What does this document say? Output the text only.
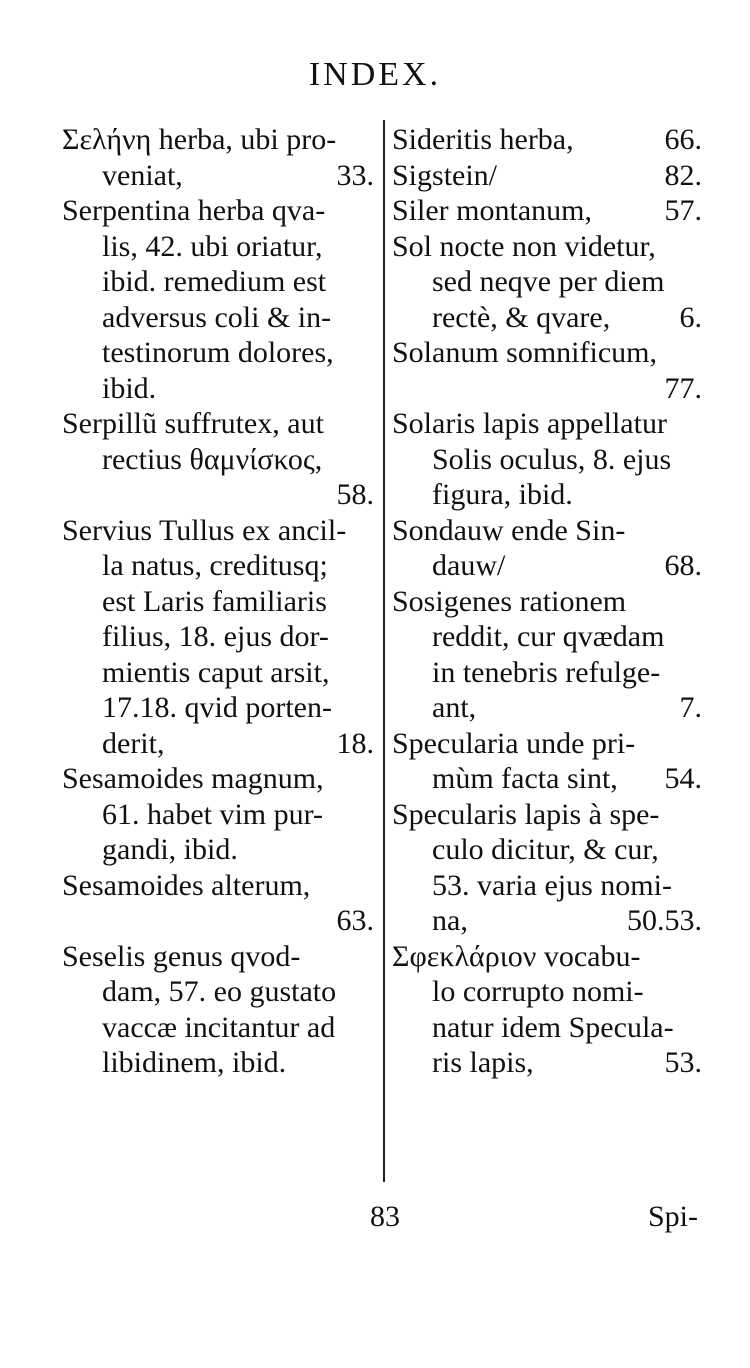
INDEX.
Σελήνη herba, ubi pro-
veniat,	33.
Serpentina herba qva-
lis, 42. ubi oriatur,
ibid. remedium est
adversus coli & in-
testinorum dolores,
ibid.
Serpillũ suffrutex, aut
rectius θαμνίσκος,
58.
Servius Tullus ex ancil-
la natus, creditusq;
est Laris familiaris
filius, 18. ejus dor-
mientis caput arsit,
17.18. qvid porten-
derit,	18.
Sesamoides magnum,
61. habet vim pur-
gandi, ibid.
Sesamoides alterum,
63.
Seselis genus qvod-
dam, 57. eo gustato
vaccæ incitantur ad
libidinem, ibid.
Sideritis herba,	66.
Sigstein/	82.
Siler montanum, 57.
Sol nocte non videtur,
sed neqve per diem
rectè, & qvare, 6.
Solanum somnificum,
77.
Solaris lapis appellatur
Solis oculus, 8. ejus
figura, ibid.
Sondauw ende Sin-
dauw/	68.
Sosigenes rationem
reddit, cur qvædam
in tenebris refulge-
ant,	7.
Specularia unde pri-
mùm facta sint, 54.
Specularis lapis à spe-
culo dicitur, & cur,
53. varia ejus nomi-
na,	50.53.
Σφεκλάριον vocabu-
lo corrupto nomi-
natur idem Specula-
ris lapis,	53.
83	Spi-
